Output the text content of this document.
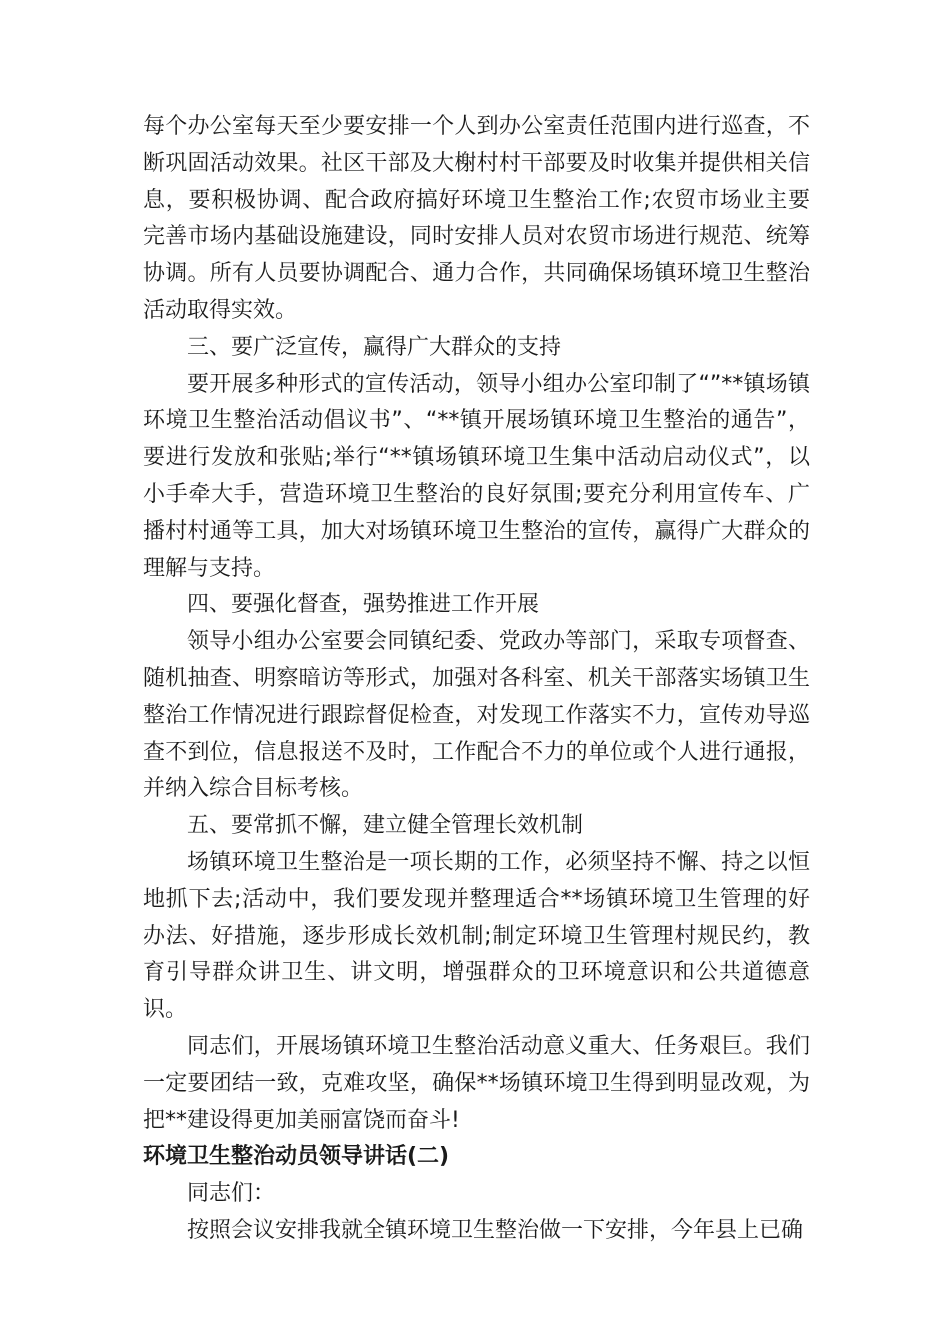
每个办公室每天至少要安排一个人到办公室责任范围内进行巡查，不断巩固活动效果。社区干部及大榭村村干部要及时收集并提供相关信息，要积极协调、配合政府搞好环境卫生整治工作;农贸市场业主要完善市场内基础设施建设，同时安排人员对农贸市场进行规范、统筹协调。所有人员要协调配合、通力合作，共同确保场镇环境卫生整治活动取得实效。

三、要广泛宣传，赢得广大群众的支持

要开展多种形式的宣传活动，领导小组办公室印制了“”**镇场镇环境卫生整治活动倡议书”、“**镇开展场镇环境卫生整治的通告”，要进行发放和张贴;举行“**镇场镇环境卫生集中活动启动仪式”，以小手牵大手，营造环境卫生整治的良好氛围;要充分利用宣传车、广播村村通等工具，加大对场镇环境卫生整治的宣传，赢得广大群众的理解与支持。

四、要强化督查，强势推进工作开展

领导小组办公室要会同镇纪委、党政办等部门，采取专项督查、随机抽查、明察暗访等形式，加强对各科室、机关干部落实场镇卫生整治工作情况进行跟踪督促检查，对发现工作落实不力，宣传劝导巡查不到位，信息报送不及时，工作配合不力的单位或个人进行通报，并纳入综合目标考核。

五、要常抓不懈，建立健全管理长效机制

场镇环境卫生整治是一项长期的工作，必须坚持不懈、持之以恒地抓下去;活动中，我们要发现并整理适合**场镇环境卫生管理的好办法、好措施，逐步形成长效机制;制定环境卫生管理村规民约，教育引导群众讲卫生、讲文明，增强群众的卫环境意识和公共道德意识。

同志们，开展场镇环境卫生整治活动意义重大、任务艰巨。我们一定要团结一致，克难攻坚，确保**场镇环境卫生得到明显改观，为把**建设得更加美丽富饶而奋斗!

环境卫生整治动员领导讲话(二)

同志们：

按照会议安排我就全镇环境卫生整治做一下安排，今年县上已确
